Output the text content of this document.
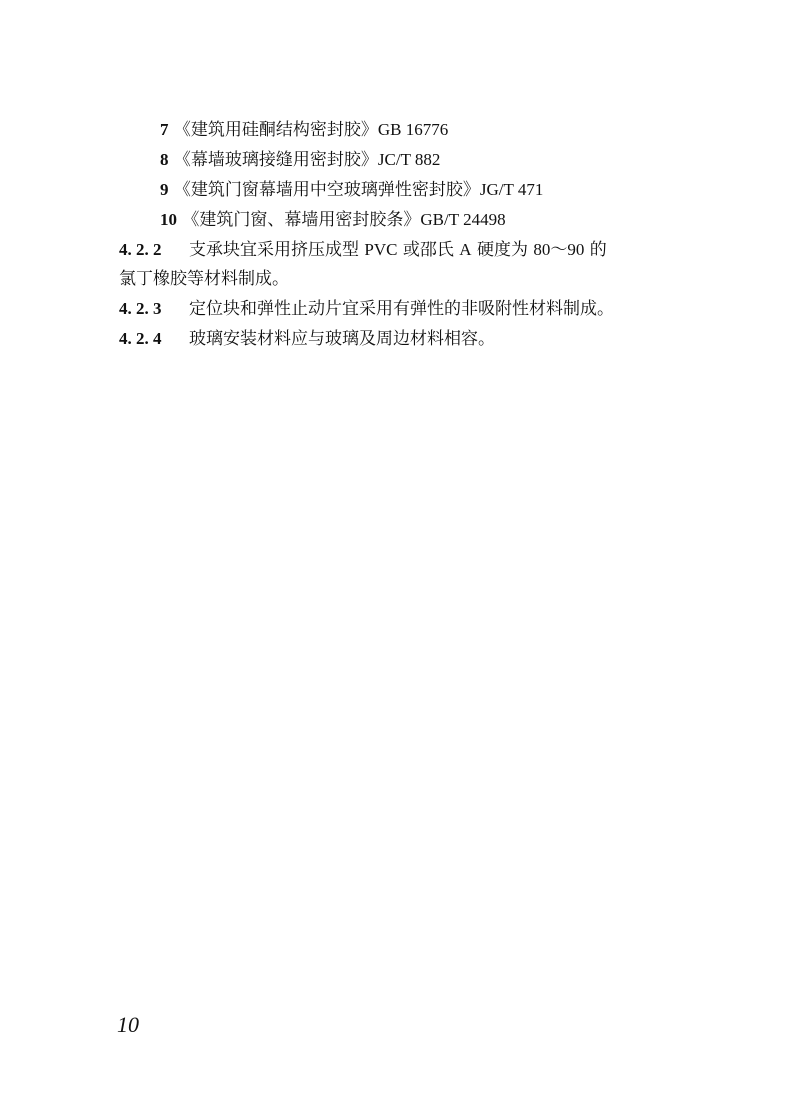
7 《建筑用硅酮结构密封胶》GB 16776
8 《幕墙玻璃接缝用密封胶》JC/T 882
9 《建筑门窗幕墙用中空玻璃弹性密封胶》JG/T 471
10 《建筑门窗、幕墙用密封胶条》GB/T 24498
4. 2. 2 支承块宜采用挤压成型 PVC 或邵氏 A 硬度为 80～90 的
氯丁橡胶等材料制成。
4. 2. 3 定位块和弹性止动片宜采用有弹性的非吸附性材料制成。
4. 2. 4 玻璃安装材料应与玻璃及周边材料相容。
10
